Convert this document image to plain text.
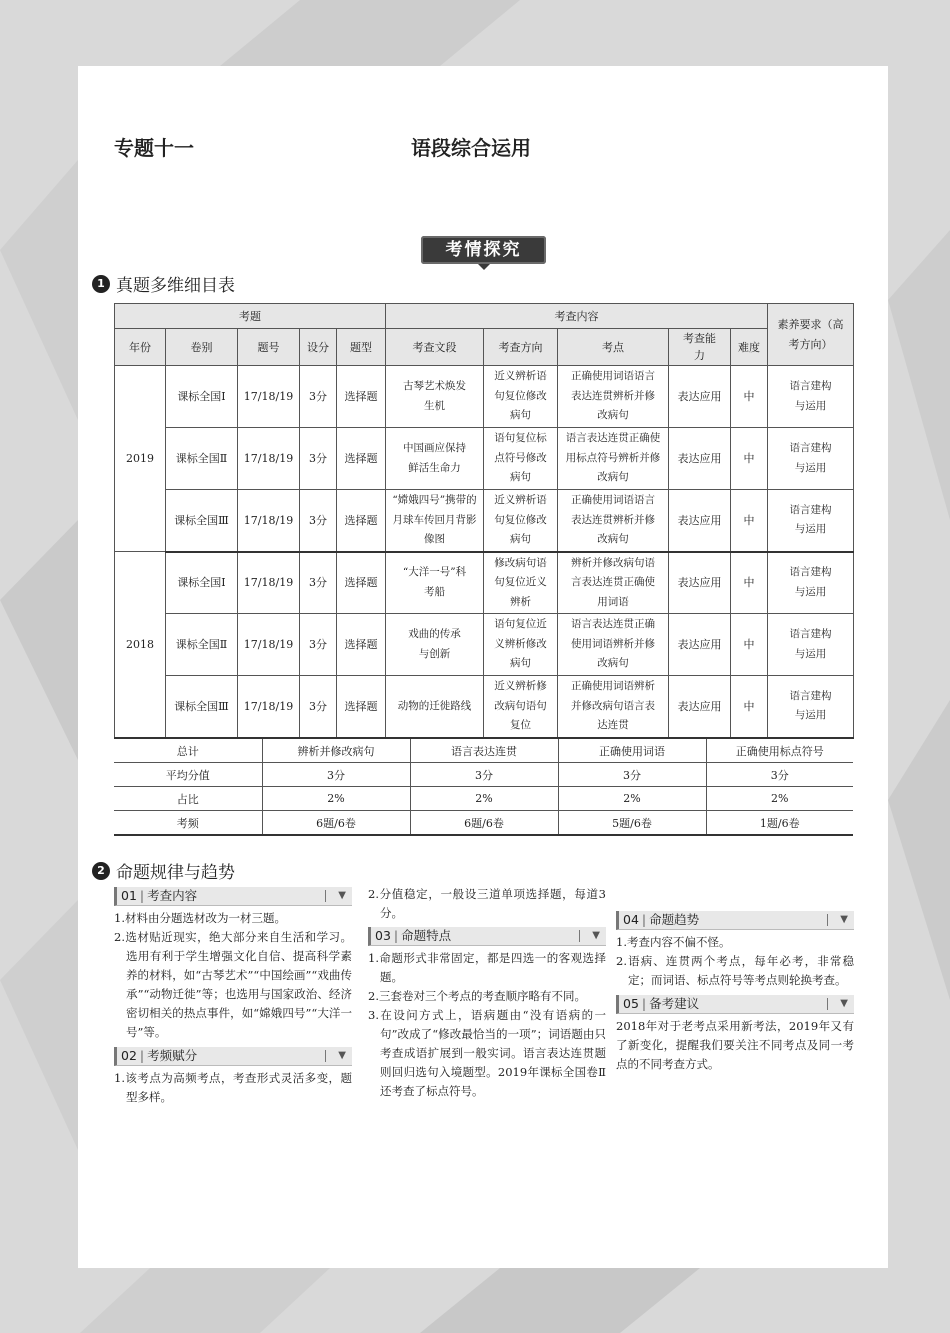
专题十一	语段综合运用
考情探究
1 真题多维细目表
考题					考查内容					素养要求（高考方向）
年份	卷别	题号	设分	题型	考查文段	考查方向	考点	考查能力	难度	
2019	课标全国Ⅰ	17/18/19	3分	选择题	古琴艺术焕发生机	近义辨析语句复位修改病句	正确使用词语语言表达连贯辨析并修改病句	表达应用	中	语言建构与运用
	课标全国Ⅱ	17/18/19	3分	选择题	中国画应保持鲜活生命力	语句复位标点符号修改病句	语言表达连贯正确使用标点符号辨析并修改病句	表达应用	中	语言建构与运用
	课标全国Ⅲ	17/18/19	3分	选择题	“嫦娥四号”携带的月球车传回月背影像图	近义辨析语句复位修改病句	正确使用词语语言表达连贯辨析并修改病句	表达应用	中	语言建构与运用
2018	课标全国Ⅰ	17/18/19	3分	选择题	“大洋一号”科考船	修改病句语句复位近义辨析	辨析并修改病句语言表达连贯正确使用词语	表达应用	中	语言建构与运用
	课标全国Ⅱ	17/18/19	3分	选择题	戏曲的传承与创新	语句复位近义辨析修改病句	语言表达连贯正确使用词语辨析并修改病句	表达应用	中	语言建构与运用
	课标全国Ⅲ	17/18/19	3分	选择题	动物的迁徙路线	近义辨析修改病句语句复位	正确使用词语辨析并修改病句语言表达连贯	表达应用	中	语言建构与运用
总计	辨析并修改病句	语言表达连贯	正确使用词语	正确使用标点符号
平均分值	3分	3分	3分	3分
占比	2%	2%	2%	2%
考频	6题/6卷	6题/6卷	5题/6卷	1题/6卷
2 命题规律与趋势
01 | 考查内容	▼
1.材料由分题选材改为一材三题。
2.选材贴近现实，绝大部分来自生活和学习。选用有利于学生增强文化自信、提高科学素养的材料，如“古琴艺术”“中国绘画”“戏曲传承”“动物迁徙”等；也选用与国家政治、经济密切相关的热点事件，如“嫦娥四号”“大洋一号”等。
02 | 考频赋分	▼
1.该考点为高频考点，考查形式灵活多变，题型多样。
2.分值稳定，一般设三道单项选择题，每道3分。
03 | 命题特点	▼
1.命题形式非常固定，都是四选一的客观选择题。
2.三套卷对三个考点的考查顺序略有不同。
3.在设问方式上，语病题由“没有语病的一句”改成了“修改最恰当的一项”；词语题由只考查成语扩展到一般实词。语言表达连贯题则回归选句入境题型。2019年课标全国卷Ⅱ还考查了标点符号。
04 | 命题趋势	▼
1.考查内容不偏不怪。
2.语病、连贯两个考点，每年必考，非常稳定；而词语、标点符号等考点则轮换考查。
05 | 备考建议	▼
2018年对于老考点采用新考法，2019年又有了新变化，提醒我们要关注不同考点及同一考点的不同考查方式。
